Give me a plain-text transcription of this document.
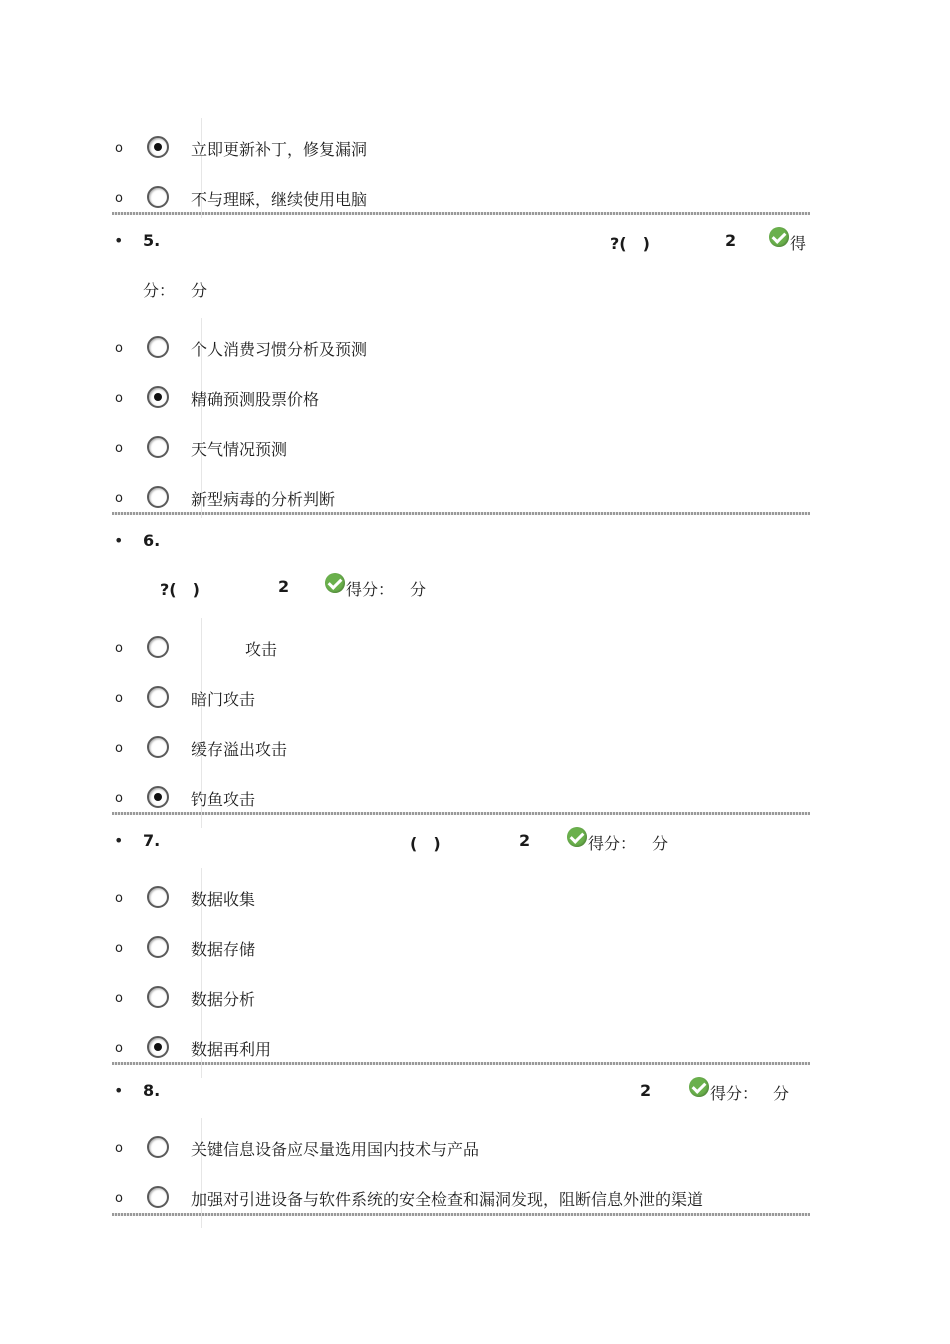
o	立即更新补丁，修复漏洞
o	不与理睬，继续使用电脑
• 5.	?(　)	2	得
分： 分
o	个人消费习惯分析及预测
o	精确预测股票价格
o	天气情况预测
o	新型病毒的分析判断
• 6.
?(　)	2	得分： 分
o	攻击
o	暗门攻击
o	缓存溢出攻击
o	钓鱼攻击
• 7.	(　)	2	得分： 分
o	数据收集
o	数据存储
o	数据分析
o	数据再利用
• 8.	2	得分： 分
o	关键信息设备应尽量选用国内技术与产品
o	加强对引进设备与软件系统的安全检查和漏洞发现，阻断信息外泄的渠道
